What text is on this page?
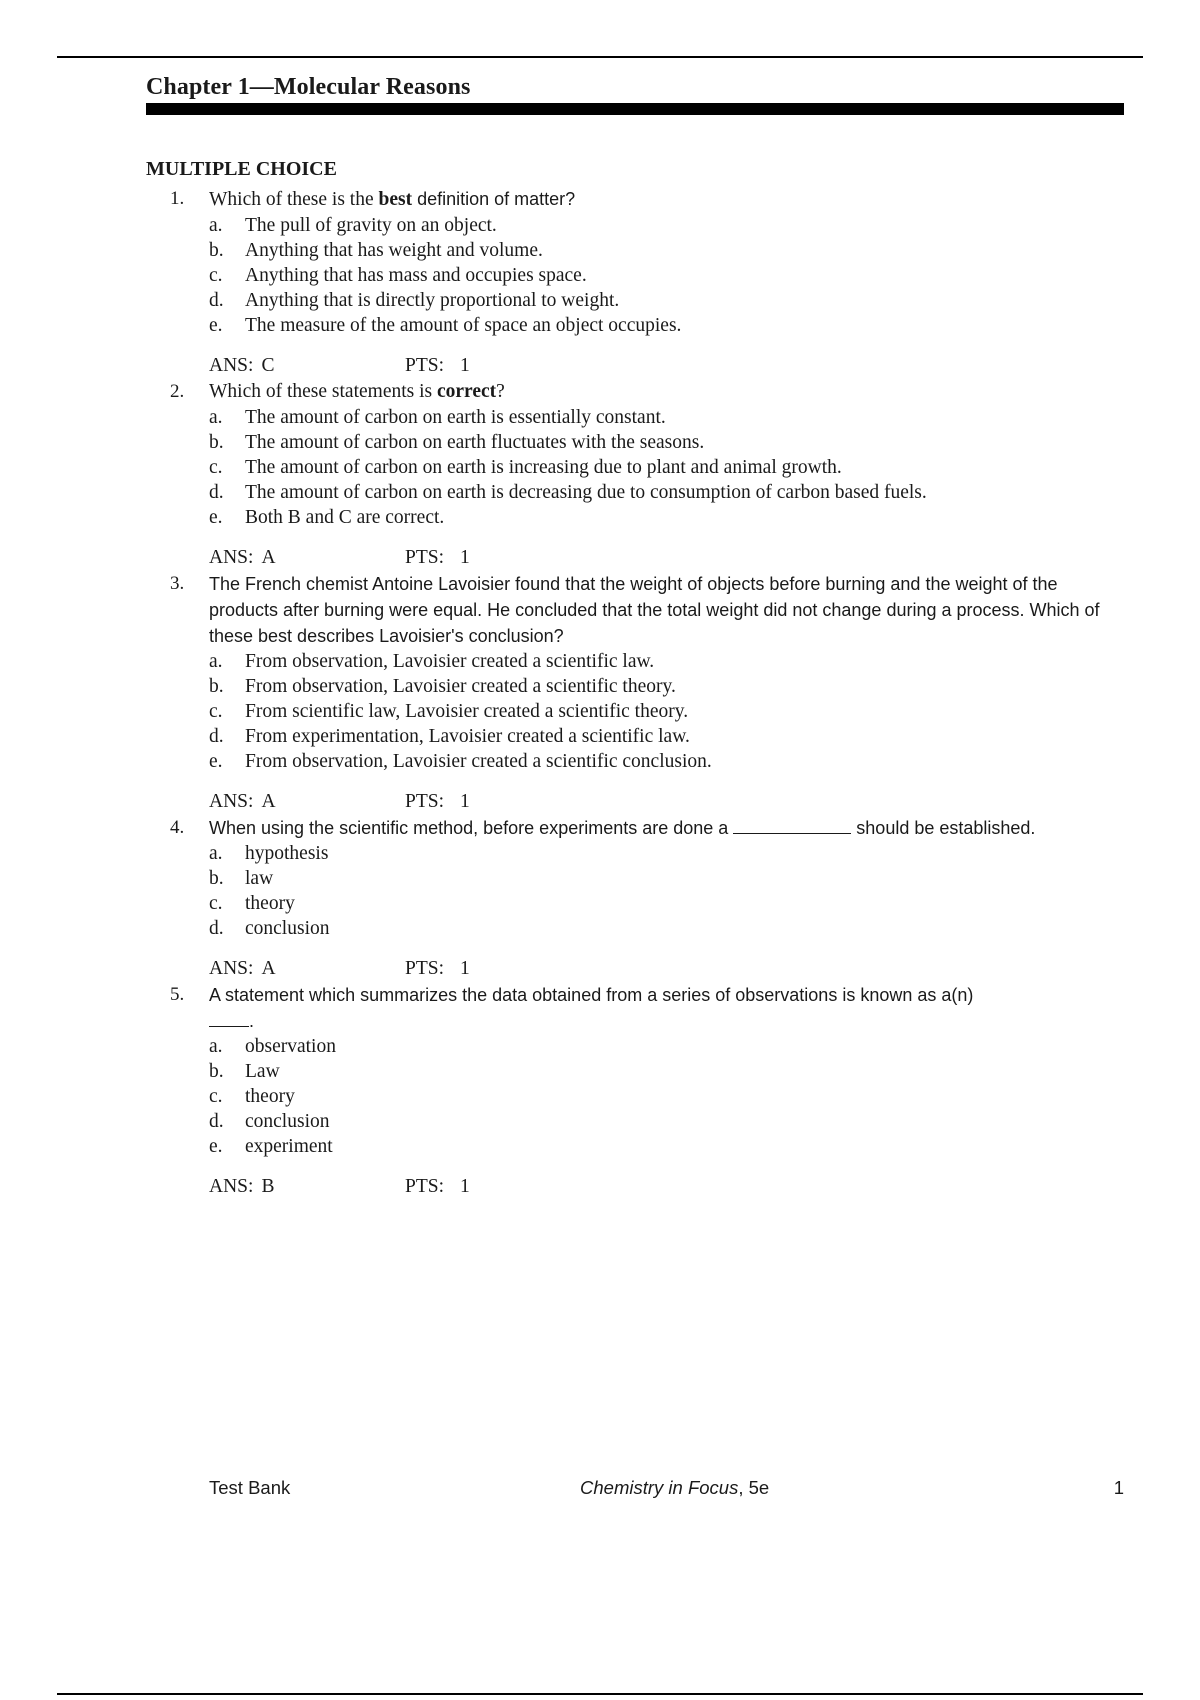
Chapter 1—Molecular Reasons
MULTIPLE CHOICE
1.	Which of these is the best definition of matter?
a.	The pull of gravity on an object.
b.	Anything that has weight and volume.
c.	Anything that has mass and occupies space.
d.	Anything that is directly proportional to weight.
e.	The measure of the amount of space an object occupies.
ANS: C	PTS: 1
2.	Which of these statements is correct?
a.	The amount of carbon on earth is essentially constant.
b.	The amount of carbon on earth fluctuates with the seasons.
c.	The amount of carbon on earth is increasing due to plant and animal growth.
d.	The amount of carbon on earth is decreasing due to consumption of carbon based fuels.
e.	Both B and C are correct.
ANS: A	PTS: 1
3.	The French chemist Antoine Lavoisier found that the weight of objects before burning and the weight of the products after burning were equal. He concluded that the total weight did not change during a process. Which of these best describes Lavoisier's conclusion?
a.	From observation, Lavoisier created a scientific law.
b.	From observation, Lavoisier created a scientific theory.
c.	From scientific law, Lavoisier created a scientific theory.
d.	From experimentation, Lavoisier created a scientific law.
e.	From observation, Lavoisier created a scientific conclusion.
ANS: A	PTS: 1
4.	When using the scientific method, before experiments are done a	should be established.
a.	hypothesis
b.	law
c.	theory
d.	conclusion
ANS: A	PTS: 1
5.	A statement which summarizes the data obtained from a series of observations is known as a(n)
.
a.	observation
b.	Law
c.	theory
d.	conclusion
e.	experiment
ANS: B	PTS: 1
Test Bank	Chemistry in Focus, 5e	1
